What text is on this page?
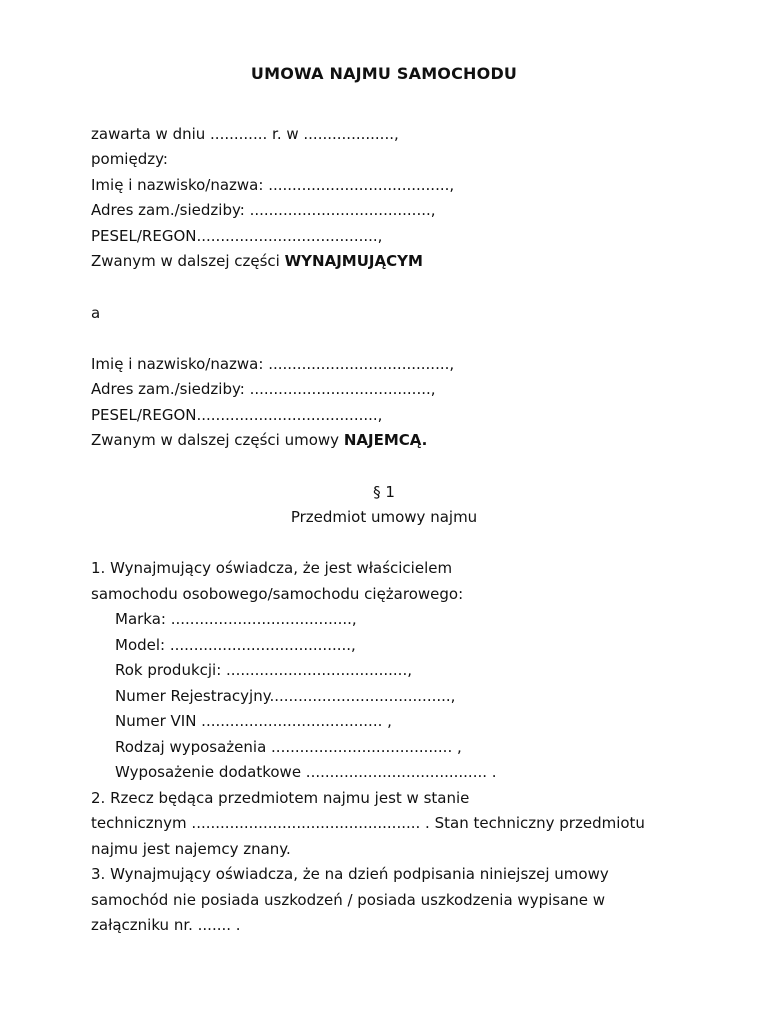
UMOWA NAJMU SAMOCHODU
zawarta w dniu ............ r. w ...................,
pomiędzy:
Imię i nazwisko/nazwa: ......................................,
Adres zam./siedziby: ......................................,
PESEL/REGON......................................,
Zwanym w dalszej części WYNAJMUJĄCYM
a
Imię i nazwisko/nazwa: ......................................,
Adres zam./siedziby: ......................................,
PESEL/REGON......................................,
Zwanym w dalszej części umowy NAJEMCĄ.
§ 1
Przedmiot umowy najmu
1. Wynajmujący oświadcza, że jest właścicielem
samochodu osobowego/samochodu ciężarowego:
Marka: ......................................,
Model: ......................................,
Rok produkcji: ......................................,
Numer Rejestracyjny......................................,
Numer VIN ...................................... ,
Rodzaj wyposażenia ...................................... ,
Wyposażenie dodatkowe ...................................... .
2. Rzecz będąca przedmiotem najmu jest w stanie
technicznym ................................................ . Stan techniczny przedmiotu
najmu jest najemcy znany.
3. Wynajmujący oświadcza, że na dzień podpisania niniejszej umowy
samochód nie posiada uszkodzeń / posiada uszkodzenia wypisane w
załączniku nr. ....... .
